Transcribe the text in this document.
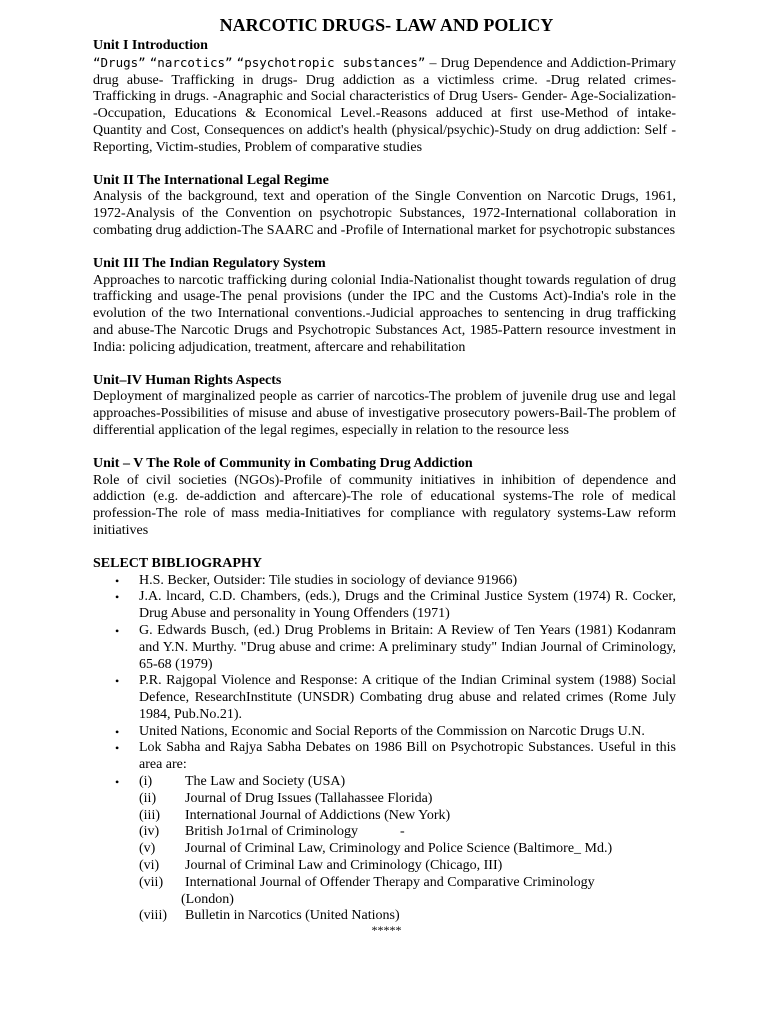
NARCOTIC DRUGS- LAW AND POLICY
Unit I Introduction

“Drugs” “narcotics” “psychotropic substances” – Drug Dependence and Addiction-Primary drug abuse- Trafficking in drugs- Drug addiction as a victimless crime. -Drug related crimes-Trafficking in drugs. -Anagraphic and Social characteristics of Drug Users- Gender- Age-Socialization--Occupation, Educations & Economical Level.-Reasons adduced at first use-Method of intake- Quantity and Cost, Consequences on addict's health (physical/psychic)-Study on drug addiction: Self - Reporting, Victim-studies, Problem of comparative studies

Unit II The International Legal Regime

Analysis of the background, text and operation of the Single Convention on Narcotic Drugs, 1961, 1972-Analysis of the Convention on psychotropic Substances, 1972-International collaboration in combating drug addiction-The SAARC and -Profile of International market for psychotropic substances

Unit III The Indian Regulatory System

Approaches to narcotic trafficking during colonial India-Nationalist thought towards regulation of drug trafficking and usage-The penal provisions (under the IPC and the Customs Act)-India's role in the evolution of the two International conventions.-Judicial approaches to sentencing in drug trafficking and abuse-The Narcotic Drugs and Psychotropic Substances Act, 1985-Pattern resource investment in India: policing adjudication, treatment, aftercare and rehabilitation

Unit–IV Human Rights Aspects

Deployment of marginalized people as carrier of narcotics-The problem of juvenile drug use and legal approaches-Possibilities of misuse and abuse of investigative prosecutory powers-Bail-The problem of differential application of the legal regimes, especially in relation to the resource less

Unit – V The Role of Community in Combating Drug Addiction

Role of civil societies (NGOs)-Profile of community initiatives in inhibition of dependence and addiction (e.g. de-addiction and aftercare)-The role of educational systems-The role of medical profession-The role of mass media-Initiatives for compliance with regulatory systems-Law reform initiatives

SELECT BIBLIOGRAPHY
• H.S. Becker, Outsider: Tile studies in sociology of deviance 91966)
• J.A. lncard, C.D. Chambers, (eds.), Drugs and the Criminal Justice System (1974) R. Cocker, Drug Abuse and personality in Young Offenders (1971)
• G. Edwards Busch, (ed.) Drug Problems in Britain: A Review of Ten Years (1981) Kodanram and Y.N. Murthy. "Drug abuse and crime: A preliminary study" Indian Journal of Criminology, 65-68 (1979)
• P.R. Rajgopal Violence and Response: A critique of the Indian Criminal system (1988) Social Defence, ResearchInstitute (UNSDR) Combating drug abuse and related crimes (Rome July 1984, Pub.No.21).
• United Nations, Economic and Social Reports of the Commission on Narcotic Drugs U.N.
• Lok Sabha and Rajya Sabha Debates on 1986 Bill on Psychotropic Substances. Useful in this area are:
• (i) The Law and Society (USA)
(ii) Journal of Drug Issues (Tallahassee Florida)
(iii) International Journal of Addictions (New York)
(iv) British Jo1rnal of Criminology            -
(v) Journal of Criminal Law, Criminology and Police Science (Baltimore_ Md.)
(vi) Journal of Criminal Law and Criminology (Chicago, III)
(vii) International Journal of Offender Therapy and Comparative Criminology
(London)
(viii) Bulletin in Narcotics (United Nations)
*****
